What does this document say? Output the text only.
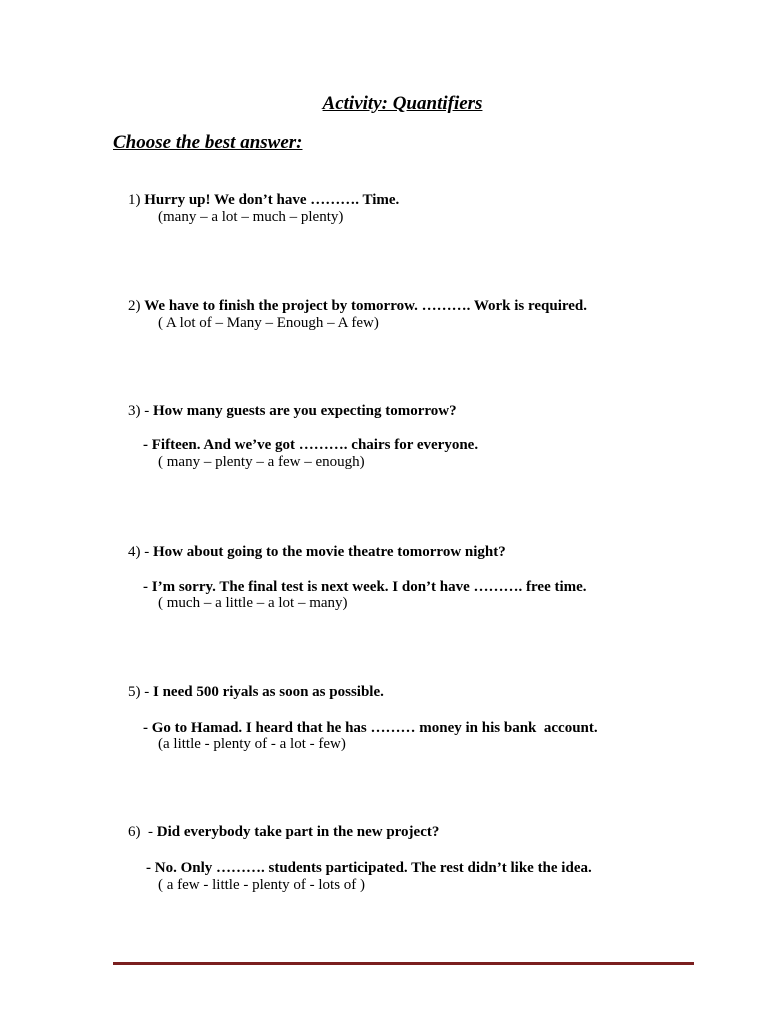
Activity: Quantifiers
Choose the best answer:

1) Hurry up! We don’t have ………. Time.

(many – a lot – much – plenty)

2) We have to finish the project by tomorrow. ………. Work is required.

( A lot of – Many – Enough – A few)

3) - How many guests are you expecting tomorrow?

- Fifteen. And we’ve got ………. chairs for everyone.

( many – plenty – a few – enough)

4) - How about going to the movie theatre tomorrow night?

- I’m sorry. The final test is next week. I don’t have ………. free time.

( much – a little – a lot – many)

5) - I need 500 riyals as soon as possible.

- Go to Hamad. I heard that he has ……… money in his bank  account.

(a little - plenty of - a lot - few)

6)  - Did everybody take part in the new project?

- No. Only ………. students participated. The rest didn’t like the idea.

( a few - little - plenty of - lots of )
